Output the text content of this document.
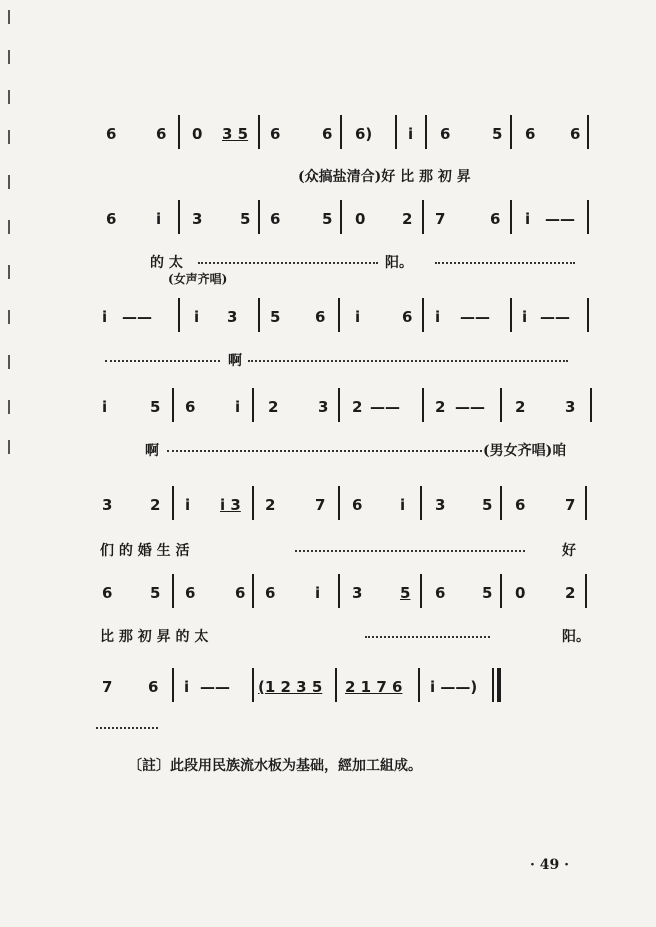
6	6 0 3 5 6	6 6) i 6	5 6 6
(众搞盐清合)好 比 那 初 昇
6	i 3	5 6	5 0 2 7	6 i ——
的 太	阳。
(女声齐唱)
i ——	i 3 5 6 i	6 i —— i ——
啊
i	5 6	i 2	3 2 —— 2 —— 2	3
啊	(男女齐唱)咱
3	2 i i 3 2	7 6	i 3 5 6	7
们 的 婚 生 活	好
6	5 6	6 6	i 3	5 6 5 0	2
比 那 初 昇 的 太	阳。
7 6 i —— (1 2 3 5 2 1 7 6 i ——)
〔註〕此段用民族流水板为基础，經加工組成。
· 49 ·
